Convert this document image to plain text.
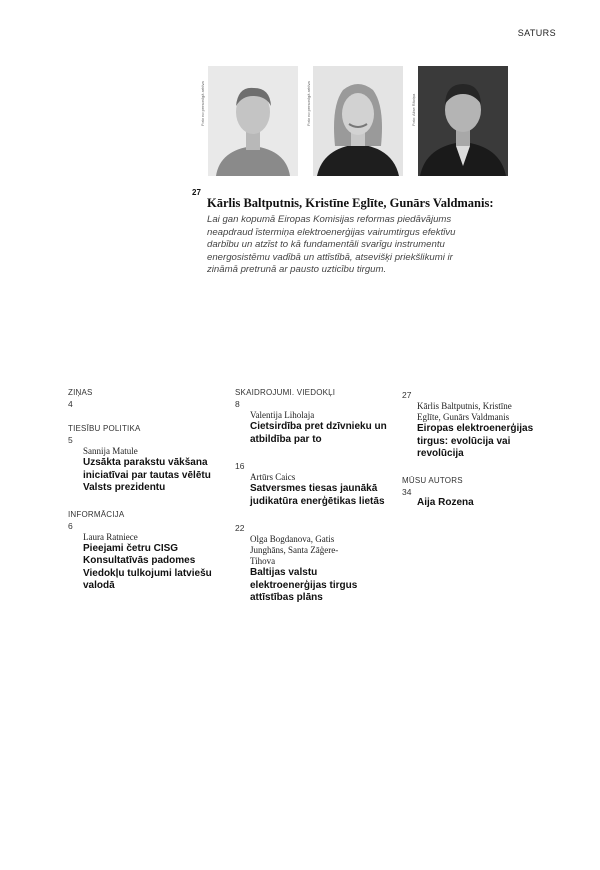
SATURS
Foto no personīgā arhīva	Foto no personīgā arhīva	Foto: Alise Rāviņa
27
Kārlis Baltputnis, Kristīne Eglīte, Gunārs Valdmanis:

Lai gan kopumā Eiropas Komisijas reformas piedāvājums neapdraud īstermiņa elektroenerģijas vairumtirgus efektīvu darbību un atzīst to kā fundamentāli svarīgu instrumentu energosistēmu vadībā un attīstībā, atsevišķi priekšlikumi ir zināmā pretrunā ar pausto uzticību tirgum.

ZIŅAS
4
TIESĪBU POLITIKA
5
Sannija Matule
Uzsākta parakstu vākšana iniciatīvai par tautas vēlētu Valsts prezidentu
INFORMĀCIJA
6
Laura Ratniece
Pieejami četru CISG Konsultatīvās padomes Viedokļu tulkojumi latviešu valodā
SKAIDROJUMI. VIEDOKĻI
8
Valentija Liholaja
Cietsirdība pret dzīvnieku un atbildība par to
16
Artūrs Caics
Satversmes tiesas jaunākā judikatūra enerģētikas lietās
22
Olga Bogdanova, Gatis Junghāns, Santa Zāģere-Tihova
Baltijas valstu elektroenerģijas tirgus attīstības plāns
27
Kārlis Baltputnis, Kristīne Eglīte, Gunārs Valdmanis
Eiropas elektroenerģijas tirgus: evolūcija vai revolūcija
MŪSU AUTORS
34
Aija Rozena
